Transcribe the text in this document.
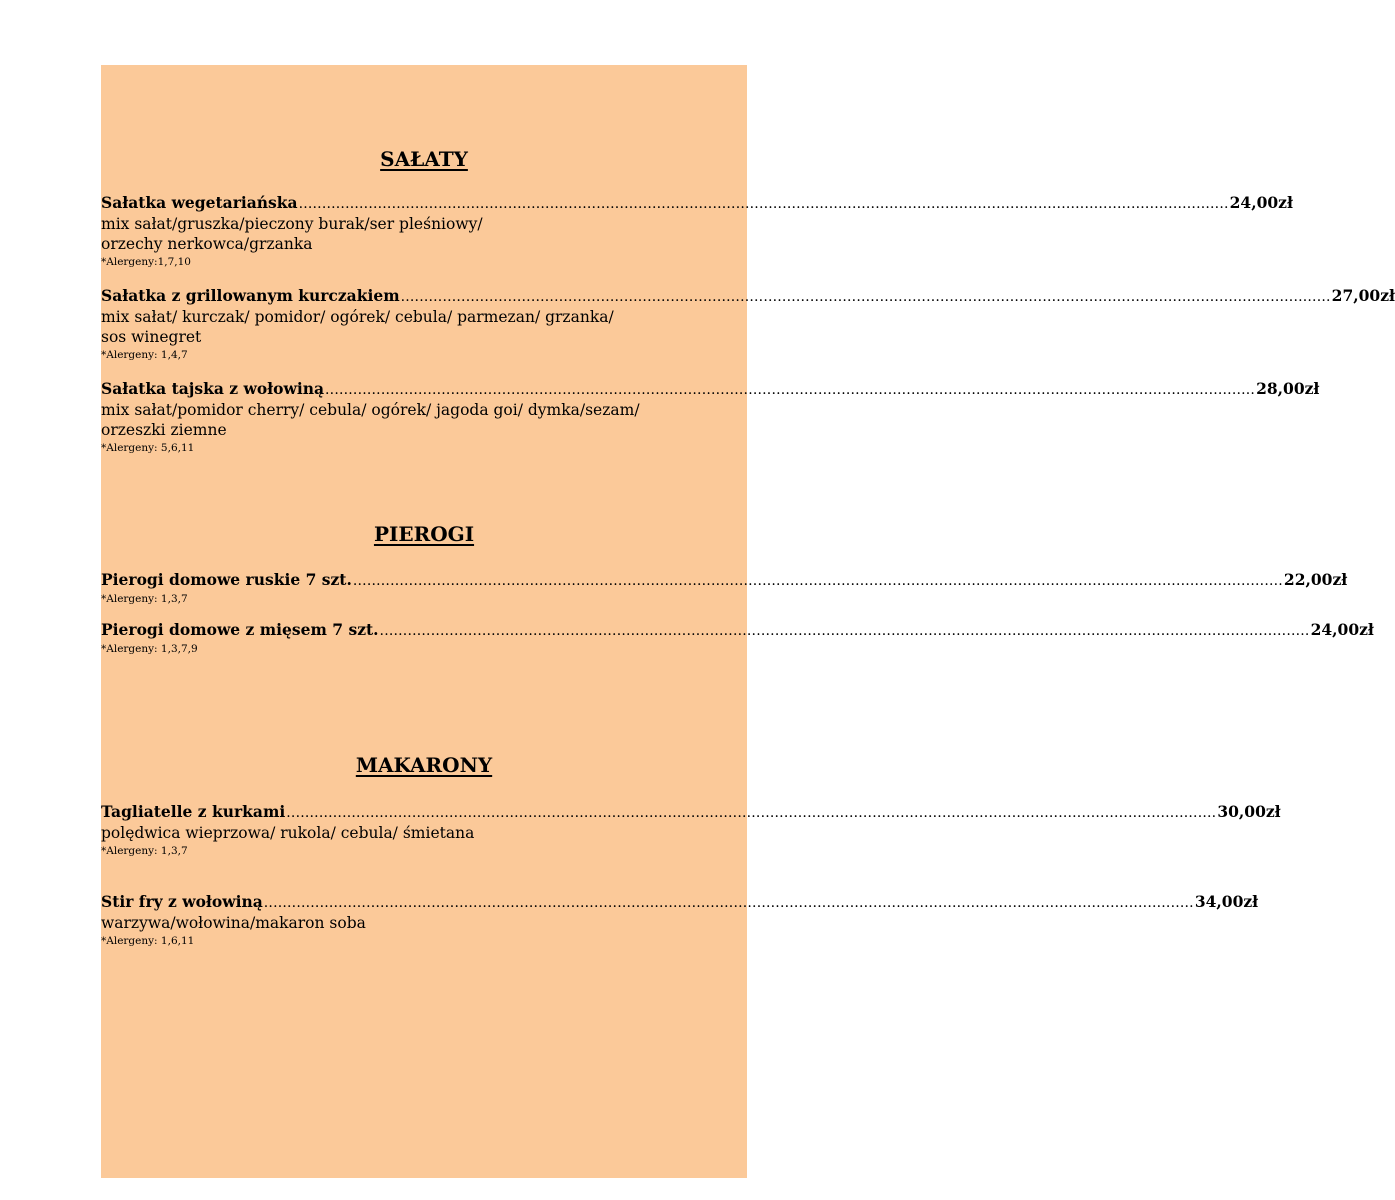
SAŁATY
Sałatka wegetariańska ........................................................................................................................................................................................................ 24,00zł
mix sałat/gruszka/pieczony burak/ser pleśniowy/
orzechy nerkowca/grzanka
*Alergeny:1,7,10
Sałatka z grillowanym kurczakiem ........................................................................................................................................................................................................ 27,00zł
mix sałat/ kurczak/ pomidor/ ogórek/ cebula/ parmezan/ grzanka/
sos winegret
*Alergeny: 1,4,7
Sałatka tajska z wołowiną ........................................................................................................................................................................................................ 28,00zł
mix sałat/pomidor cherry/ cebula/ ogórek/ jagoda goi/ dymka/sezam/
orzeszki ziemne
*Alergeny: 5,6,11
PIEROGI
Pierogi domowe ruskie 7 szt. ........................................................................................................................................................................................................ 22,00zł
*Alergeny: 1,3,7
Pierogi domowe z mięsem 7 szt. ........................................................................................................................................................................................................ 24,00zł
*Alergeny: 1,3,7,9
MAKARONY
Tagliatelle z kurkami ........................................................................................................................................................................................................ 30,00zł
polędwica wieprzowa/ rukola/ cebula/ śmietana
*Alergeny: 1,3,7
Stir fry z wołowiną ........................................................................................................................................................................................................ 34,00zł
warzywa/wołowina/makaron soba
*Alergeny: 1,6,11
